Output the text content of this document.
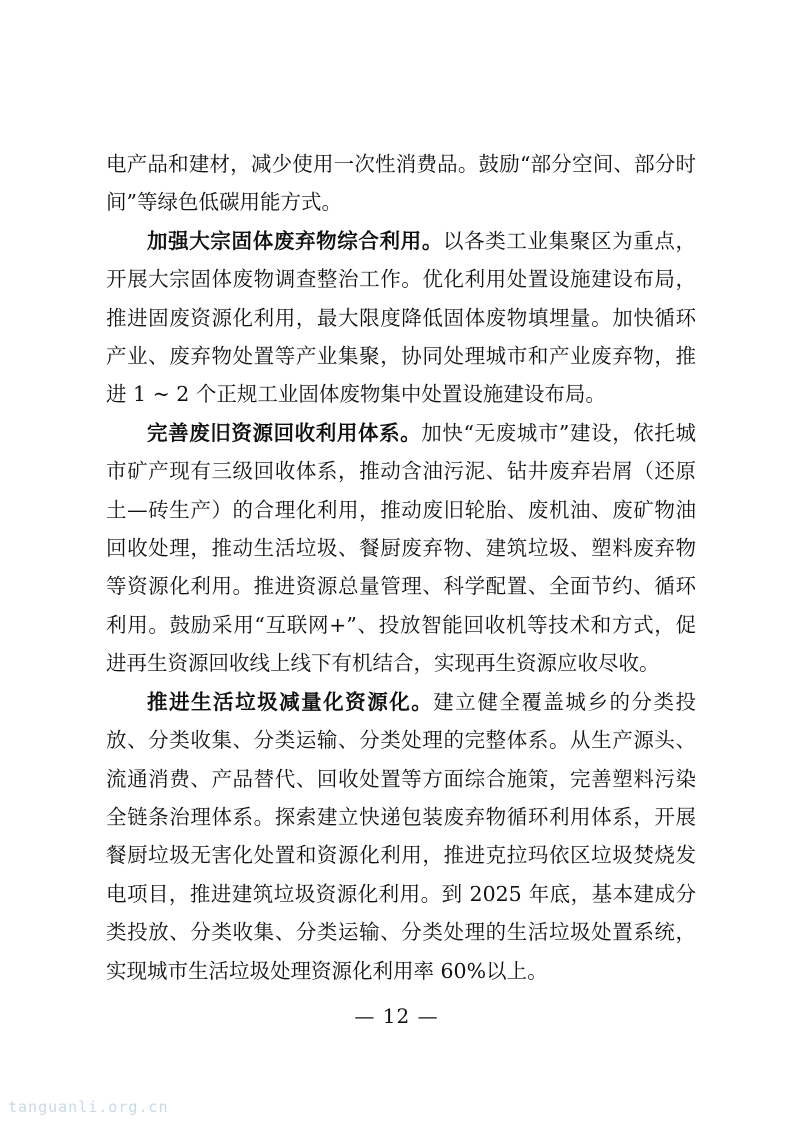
电产品和建材，减少使用一次性消费品。鼓励“部分空间、部分时间”等绿色低碳用能方式。

加强大宗固体废弃物综合利用。以各类工业集聚区为重点，开展大宗固体废物调查整治工作。优化利用处置设施建设布局，推进固废资源化利用，最大限度降低固体废物填埋量。加快循环产业、废弃物处置等产业集聚，协同处理城市和产业废弃物，推进 1 ~ 2 个正规工业固体废物集中处置设施建设布局。

完善废旧资源回收利用体系。加快“无废城市”建设，依托城市矿产现有三级回收体系，推动含油污泥、钻井废弃岩屑（还原土—砖生产）的合理化利用，推动废旧轮胎、废机油、废矿物油回收处理，推动生活垃圾、餐厨废弃物、建筑垃圾、塑料废弃物等资源化利用。推进资源总量管理、科学配置、全面节约、循环利用。鼓励采用“互联网+”、投放智能回收机等技术和方式，促进再生资源回收线上线下有机结合，实现再生资源应收尽收。

推进生活垃圾减量化资源化。建立健全覆盖城乡的分类投放、分类收集、分类运输、分类处理的完整体系。从生产源头、流通消费、产品替代、回收处置等方面综合施策，完善塑料污染全链条治理体系。探索建立快递包装废弃物循环利用体系，开展餐厨垃圾无害化处置和资源化利用，推进克拉玛依区垃圾焚烧发电项目，推进建筑垃圾资源化利用。到 2025 年底，基本建成分类投放、分类收集、分类运输、分类处理的生活垃圾处置系统，实现城市生活垃圾处理资源化利用率 60%以上。

— 12 —
tanguanli.org.cn
